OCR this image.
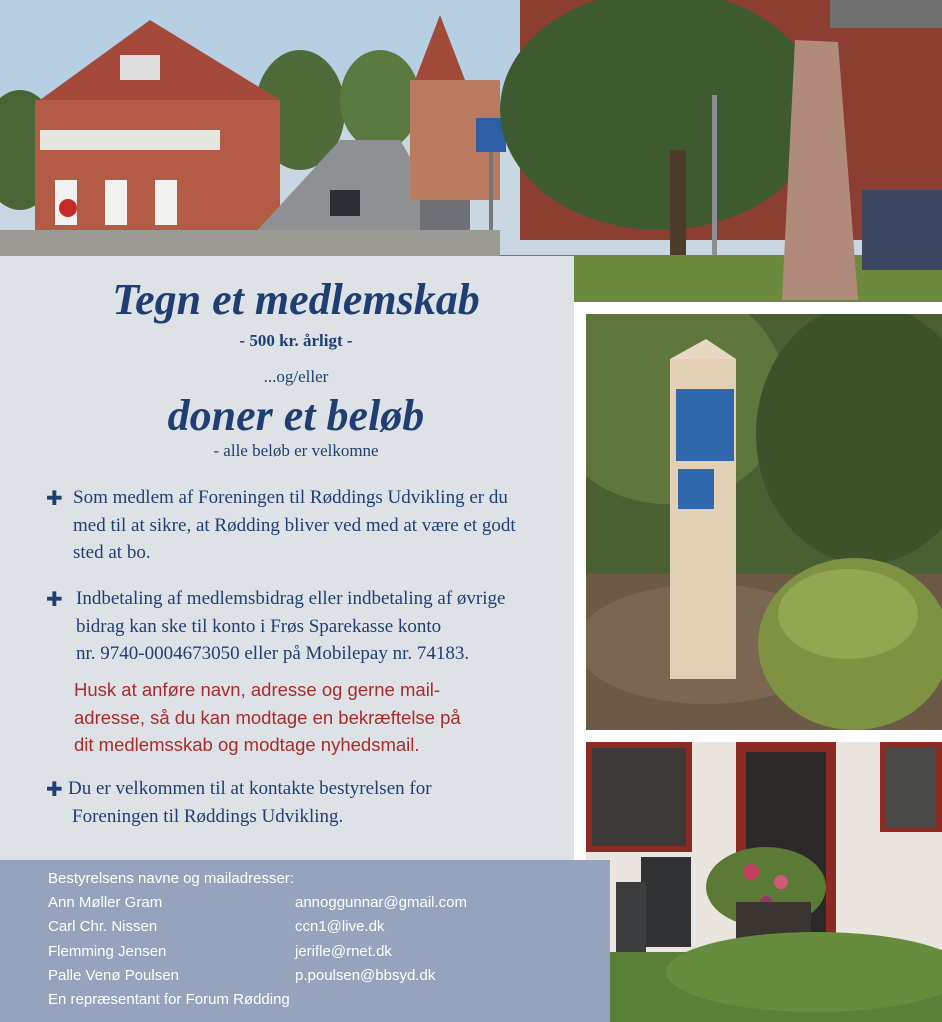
Tegn et medlemskab
- 500 kr. årligt -
...og/eller
doner et beløb
- alle beløb er velkomne
✚ Som medlem af Foreningen til Røddings Udvikling er du
med til at sikre, at Rødding bliver ved med at være et godt
sted at bo.
✚ Indbetaling af medlemsbidrag eller indbetaling af øvrige
bidrag kan ske til konto i Frøs Sparekasse konto
nr. 9740-0004673050 eller på Mobilepay nr. 74183.
Husk at anføre navn, adresse og gerne mail-
adresse, så du kan modtage en bekræftelse på
dit medlemsskab og modtage nyhedsmail.
✚ Du er velkommen til at kontakte bestyrelsen for
Foreningen til Røddings Udvikling.
Bestyrelsens navne og mailadresser:
Ann Møller Gram	annoggunnar@gmail.com
Carl Chr. Nissen	ccn1@live.dk
Flemming Jensen	jerifle@rnet.dk
Palle Venø Poulsen	p.poulsen@bbsyd.dk
En repræsentant for Forum Rødding
